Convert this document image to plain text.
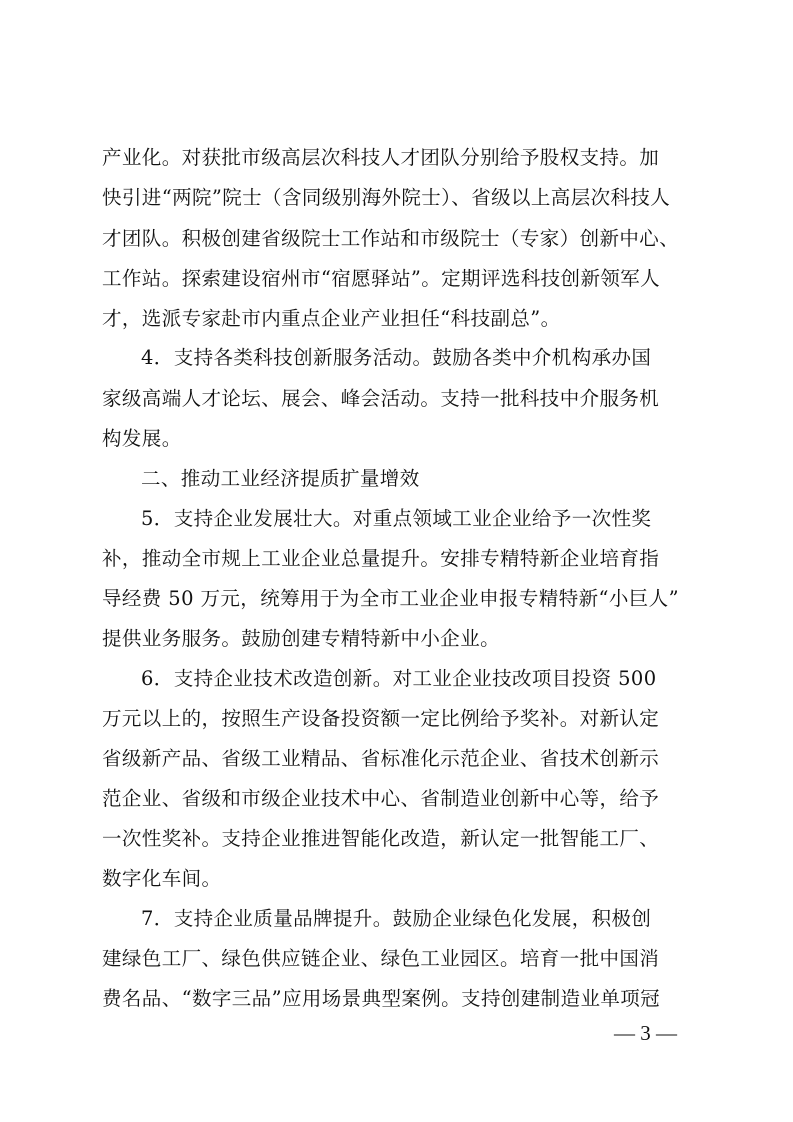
产业化。对获批市级高层次科技人才团队分别给予股权支持。加
快引进“两院”院士（含同级别海外院士）、省级以上高层次科技人
才团队。积极创建省级院士工作站和市级院士（专家）创新中心、
工作站。探索建设宿州市“宿愿驿站”。定期评选科技创新领军人
才，选派专家赴市内重点企业产业担任“科技副总”。
4．支持各类科技创新服务活动。鼓励各类中介机构承办国
家级高端人才论坛、展会、峰会活动。支持一批科技中介服务机
构发展。
二、推动工业经济提质扩量增效
5．支持企业发展壮大。对重点领域工业企业给予一次性奖
补，推动全市规上工业企业总量提升。安排专精特新企业培育指
导经费 50 万元，统筹用于为全市工业企业申报专精特新“小巨人”
提供业务服务。鼓励创建专精特新中小企业。
6．支持企业技术改造创新。对工业企业技改项目投资 500
万元以上的，按照生产设备投资额一定比例给予奖补。对新认定
省级新产品、省级工业精品、省标准化示范企业、省技术创新示
范企业、省级和市级企业技术中心、省制造业创新中心等，给予
一次性奖补。支持企业推进智能化改造，新认定一批智能工厂、
数字化车间。
7．支持企业质量品牌提升。鼓励企业绿色化发展，积极创
建绿色工厂、绿色供应链企业、绿色工业园区。培育一批中国消
费名品、“数字三品”应用场景典型案例。支持创建制造业单项冠
— 3 —
